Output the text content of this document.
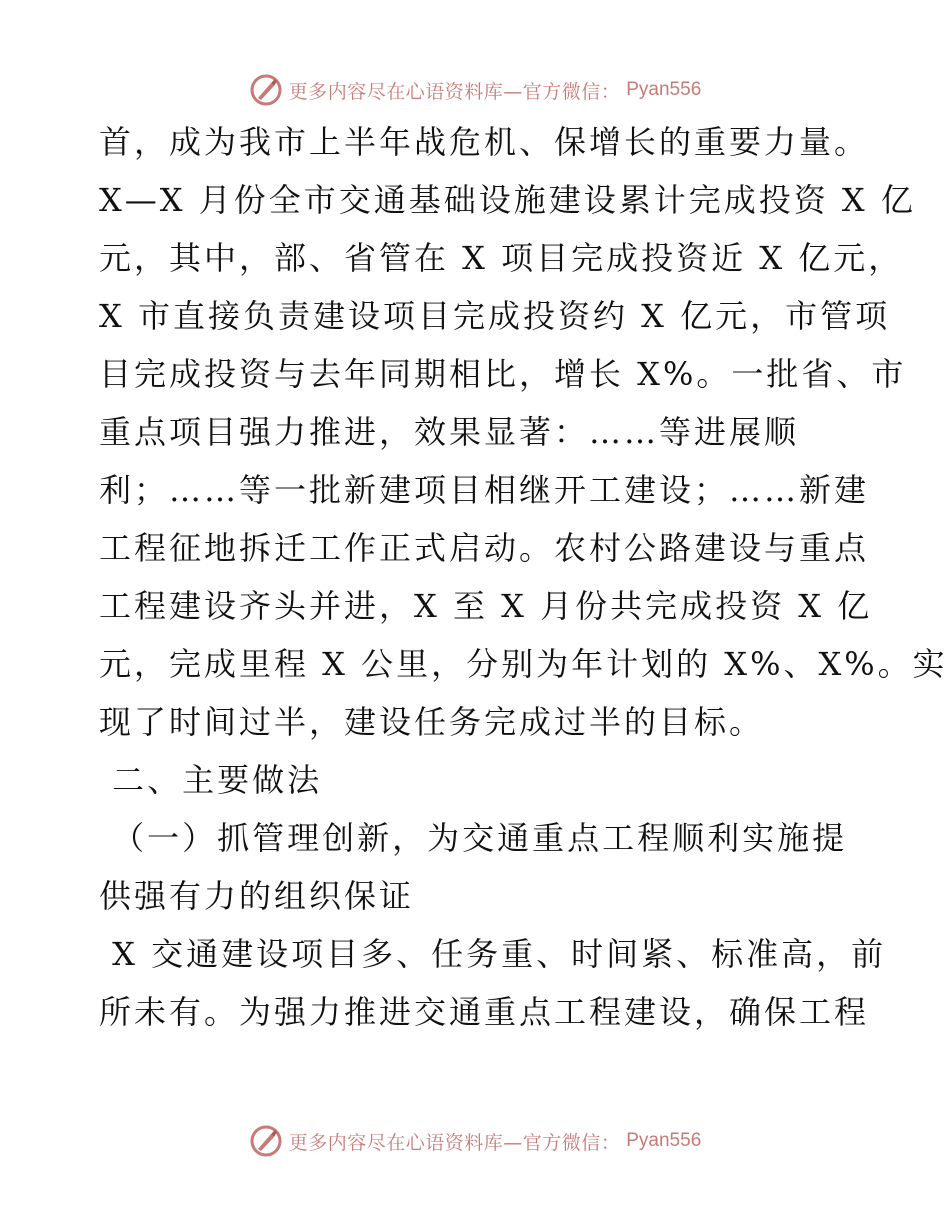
更多内容尽在心语资料库—官方微信： Pyan556
首，成为我市上半年战危机、保增长的重要力量。
X—X 月份全市交通基础设施建设累计完成投资 X 亿
元，其中，部、省管在 X 项目完成投资近 X 亿元，
X 市直接负责建设项目完成投资约 X 亿元，市管项
目完成投资与去年同期相比，增长 X%。一批省、市
重点项目强力推进，效果显著：……等进展顺
利；……等一批新建项目相继开工建设；……新建
工程征地拆迁工作正式启动。农村公路建设与重点
工程建设齐头并进，X 至 X 月份共完成投资 X 亿
元，完成里程 X 公里，分别为年计划的 X%、X%。实
现了时间过半，建设任务完成过半的目标。
二、主要做法
（一）抓管理创新，为交通重点工程顺利实施提
供强有力的组织保证
X 交通建设项目多、任务重、时间紧、标准高，前
所未有。为强力推进交通重点工程建设，确保工程
更多内容尽在心语资料库—官方微信： Pyan556
